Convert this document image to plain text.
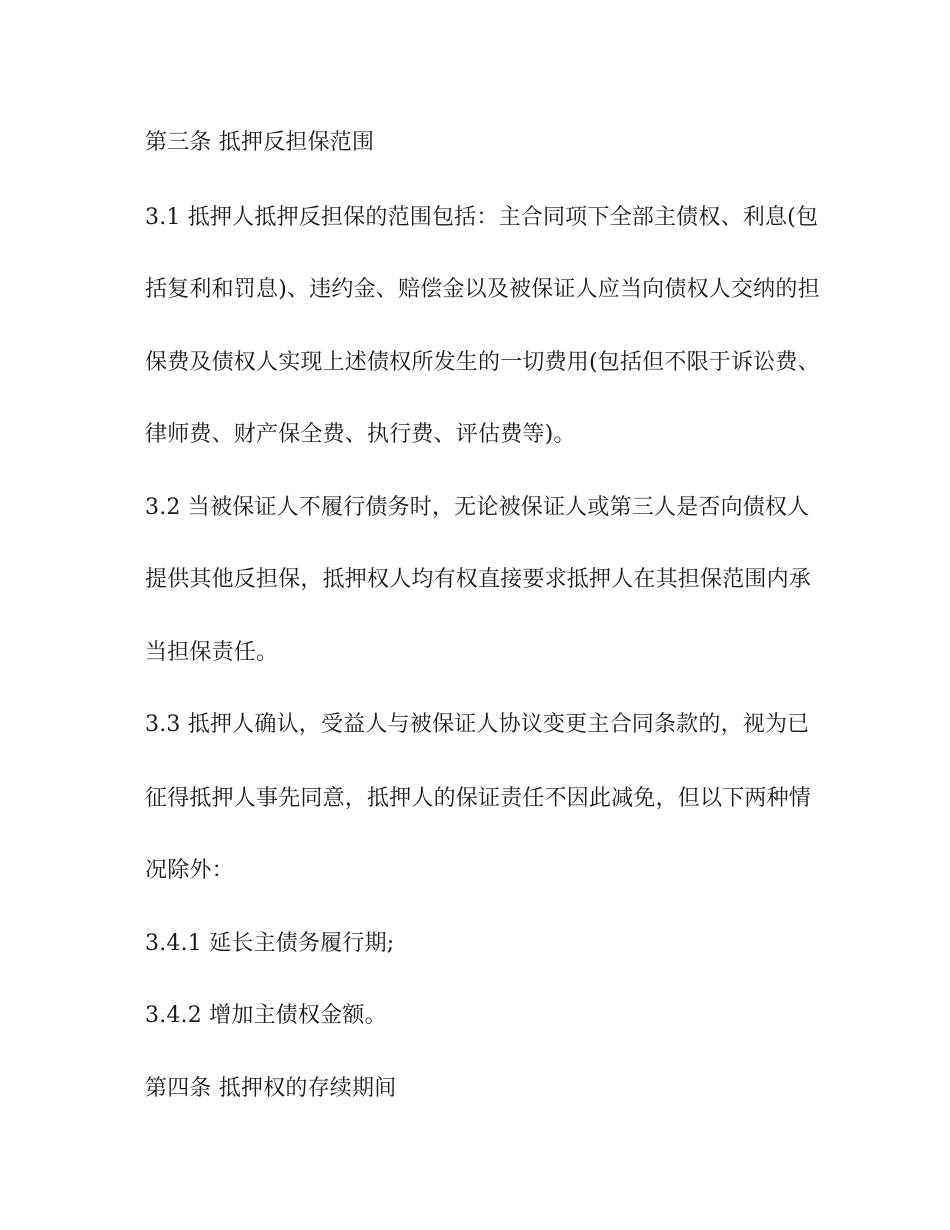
第三条 抵押反担保范围
3.1 抵押人抵押反担保的范围包括：主合同项下全部主债权、利息(包
括复利和罚息)、违约金、赔偿金以及被保证人应当向债权人交纳的担
保费及债权人实现上述债权所发生的一切费用(包括但不限于诉讼费、
律师费、财产保全费、执行费、评估费等)。
3.2 当被保证人不履行债务时，无论被保证人或第三人是否向债权人
提供其他反担保，抵押权人均有权直接要求抵押人在其担保范围内承
当担保责任。
3.3 抵押人确认，受益人与被保证人协议变更主合同条款的，视为已
征得抵押人事先同意，抵押人的保证责任不因此减免，但以下两种情
况除外：
3.4.1 延长主债务履行期;
3.4.2 增加主债权金额。
第四条 抵押权的存续期间
